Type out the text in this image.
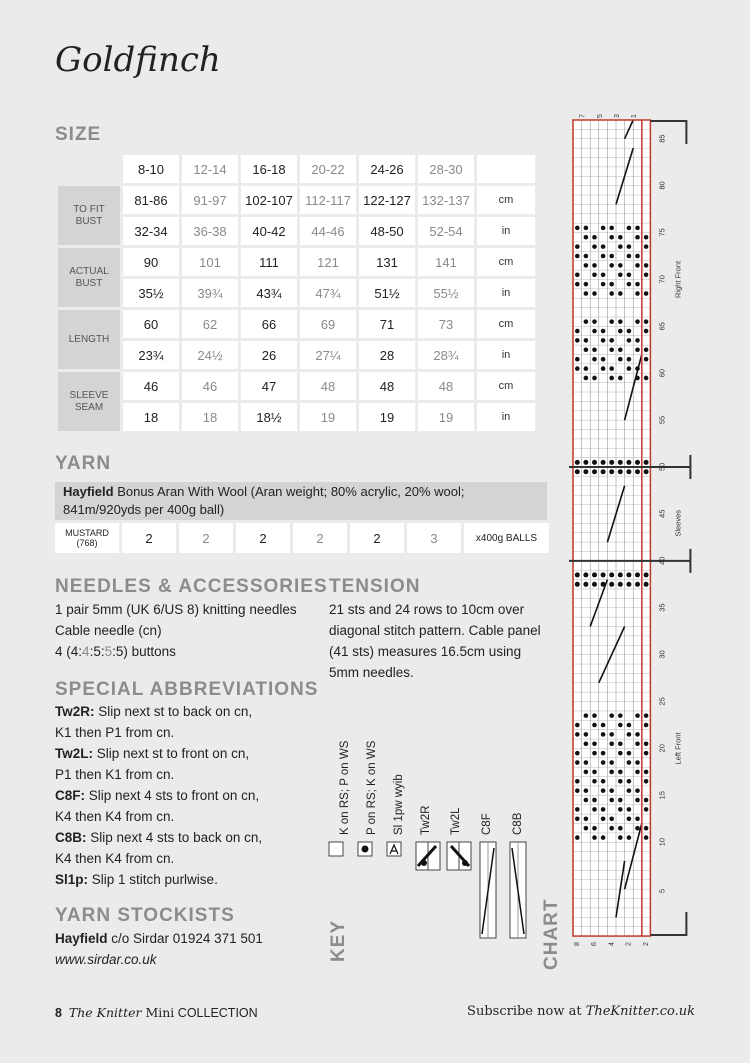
Goldfinch
SIZE
	8-10	12-14	16-18	20-22	24-26	28-30	
TO FIT BUST	81-86	91-97	102-107	112-117	122-127	132-137	cm
	32-34	36-38	40-42	44-46	48-50	52-54	in
ACTUAL BUST	90	101	111	121	131	141	cm
	35½	39¾	43¾	47¾	51½	55½	in
LENGTH	60	62	66	69	71	73	cm
	23¾	24½	26	27¼	28	28¾	in
SLEEVE SEAM	46	46	47	48	48	48	cm
	18	18	18½	19	19	19	in
YARN
Hayfield Bonus Aran With Wool (Aran weight; 80% acrylic, 20% wool; 841m/920yds per 400g ball)
MUSTARD
(768)	2	2	2	2	2	3	x400g BALLS
NEEDLES & ACCESSORIES
1 pair 5mm (UK 6/US 8) knitting needles
Cable needle (cn)
4 (4:4:5:5:5) buttons
TENSION
21 sts and 24 rows to 10cm over diagonal stitch pattern. Cable panel (41 sts) measures 16.5cm using 5mm needles.
SPECIAL ABBREVIATIONS
Tw2R: Slip next st to back on cn,
K1 then P1 from cn.
Tw2L: Slip next st to front on cn,
P1 then K1 from cn.
C8F: Slip next 4 sts to front on cn,
K4 then K4 from cn.
C8B: Slip next 4 sts to back on cn,
K4 then K4 from cn.
Sl1p: Slip 1 stitch purlwise.
YARN STOCKISTS
Hayfield c/o Sirdar 01924 371 501
www.sirdar.co.uk	KEY
K on RS; P on WS P on RS; K on WS Sl 1pw wyib Tw2R Tw2L C8F C8B
CHART
5
10
15
20
25
30
35
40
45
50
55
60
65
70
75
80
85
Left Front
Sleeves
Right Front
7 5 3 1
8 6 4 2 2
8 The Knitter Mini COLLECTION	Subscribe now at TheKnitter.co.uk
